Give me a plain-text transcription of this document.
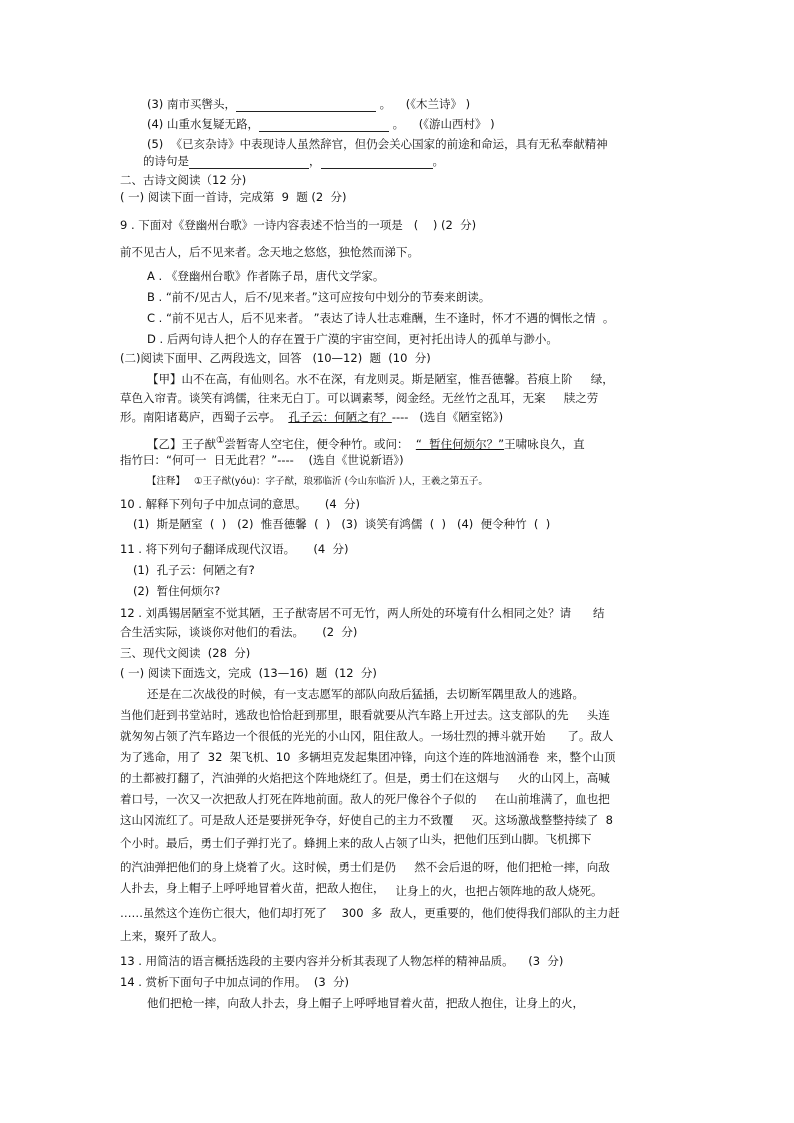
(3) 南市买辔头，	。 (《木兰诗》 )
(4) 山重水复疑无路，	。 (《游山西村》 )
(5) 《已亥杂诗》中表现诗人虽然辞官，但仍会关心国家的前途和命运，具有无私奉献精神
的诗句是	，	。
二、古诗文阅读（12 分)
( 一) 阅读下面一首诗，完成第  9  题 (2  分)
9 . 下面对《登幽州台歌》一诗内容表述不恰当的一项是   (    ) (2  分)
前不见古人，后不见来者。念天地之悠悠，独怆然而涕下。
A . 《登幽州台歌》作者陈子昂，唐代文学家。
B . “前不/见古人，后不/见来者。”这可应按句中划分的节奏来朗读。
C . “前不见古人，后不见来者。 ”表达了诗人壮志难酬，生不逢时，怀才不遇的惆怅之情  。
D . 后两句诗人把个人的存在置于广漠的宇宙空间，更衬托出诗人的孤单与渺小。
(二)阅读下面甲、乙两段选文，回答   (10—12)  题  (10  分)
【甲】山不在高，有仙则名。水不在深，有龙则灵。斯是陋室，惟吾德馨。苔痕上阶     绿，
草色入帘青。谈笑有鸿儒，往来无白丁。可以调素琴，阅金经。无丝竹之乱耳，无案     牍之劳
形。南阳诸葛庐，西蜀子云亭。  孔子云：何陋之有？----   (选自《陋室铭》)
【乙】王子猷①尝暂寄人空宅住，便令种竹。或问：  “  暂住何烦尔？”王啸咏良久，直
指竹曰：“何可一  日无此君？”----    (选自《世说新语》)
【注释】   ①王子猷(yóu)：字子猷，琅邪临沂 (今山东临沂 )人，王羲之第五子。
10 . 解释下列句子中加点词的意思。     (4  分)
(1)  斯是陋室  (  )   (2)  惟吾德馨  (  )   (3)  谈笑有鸿儒  (  )   (4)  便令种竹  (  )
11 . 将下列句子翻译成现代汉语。     (4  分)
(1)  孔子云：何陋之有?
(2)  暂住何烦尔?
12 . 刘禹锡居陋室不觉其陋，王子猷寄居不可无竹，两人所处的环境有什么相同之处？请      结
合生活实际，谈谈你对他们的看法。     (2  分)
三、现代文阅读  (28  分)
( 一) 阅读下面选文，完成  (13—16)  题  (12  分)
还是在二次战役的时候，有一支志愿军的部队向敌后猛插，去切断军隅里敌人的逃路。
当他们赶到书堂站时，逃敌也恰恰赶到那里，眼看就要从汽车路上开过去。这支部队的先     头连
就匆匆占领了汽车路边一个很低的光光的小山冈，阻住敌人。一场壮烈的搏斗就开始      了。敌人
为了逃命，用了  32  架飞机、10  多辆坦克发起集团冲锋，向这个连的阵地汹涌卷  来，整个山顶
的土都被打翻了，汽油弹的火焰把这个阵地烧红了。但是，勇士们在这烟与     火的山冈上，高喊
着口号，一次又一次把敌人打死在阵地前面。敌人的死尸像谷个子似的     在山前堆满了，血也把
这山冈流红了。可是敌人还是要拼死争夺，好使自己的主力不致覆     灭。这场激战整整持续了  8
个小时。最后，勇士们子弹打光了。蜂拥上来的敌人占领了山头，把他们压到山脚。飞机掷下
的汽油弹把他们的身上烧着了火。这时候，勇士们是仍     然不会后退的呀，他们把枪一摔，向敌
人扑去，身上帽子上呼呼地冒着火苗，把敌人抱住， 让身上的火，也把占领阵地的敌人烧死。
……虽然这个连伤亡很大，他们却打死了    300  多  敌人，更重要的，他们使得我们部队的主力赶
上来，聚歼了敌人。
13 . 用简洁的语言概括选段的主要内容并分析其表现了人物怎样的精神品质。    (3  分)
14 . 赏析下面句子中加点词的作用。  (3  分)
他们把枪一摔，向敌人扑去，身上帽子上呼呼地冒着火苗，把敌人抱住，让身上的火，
